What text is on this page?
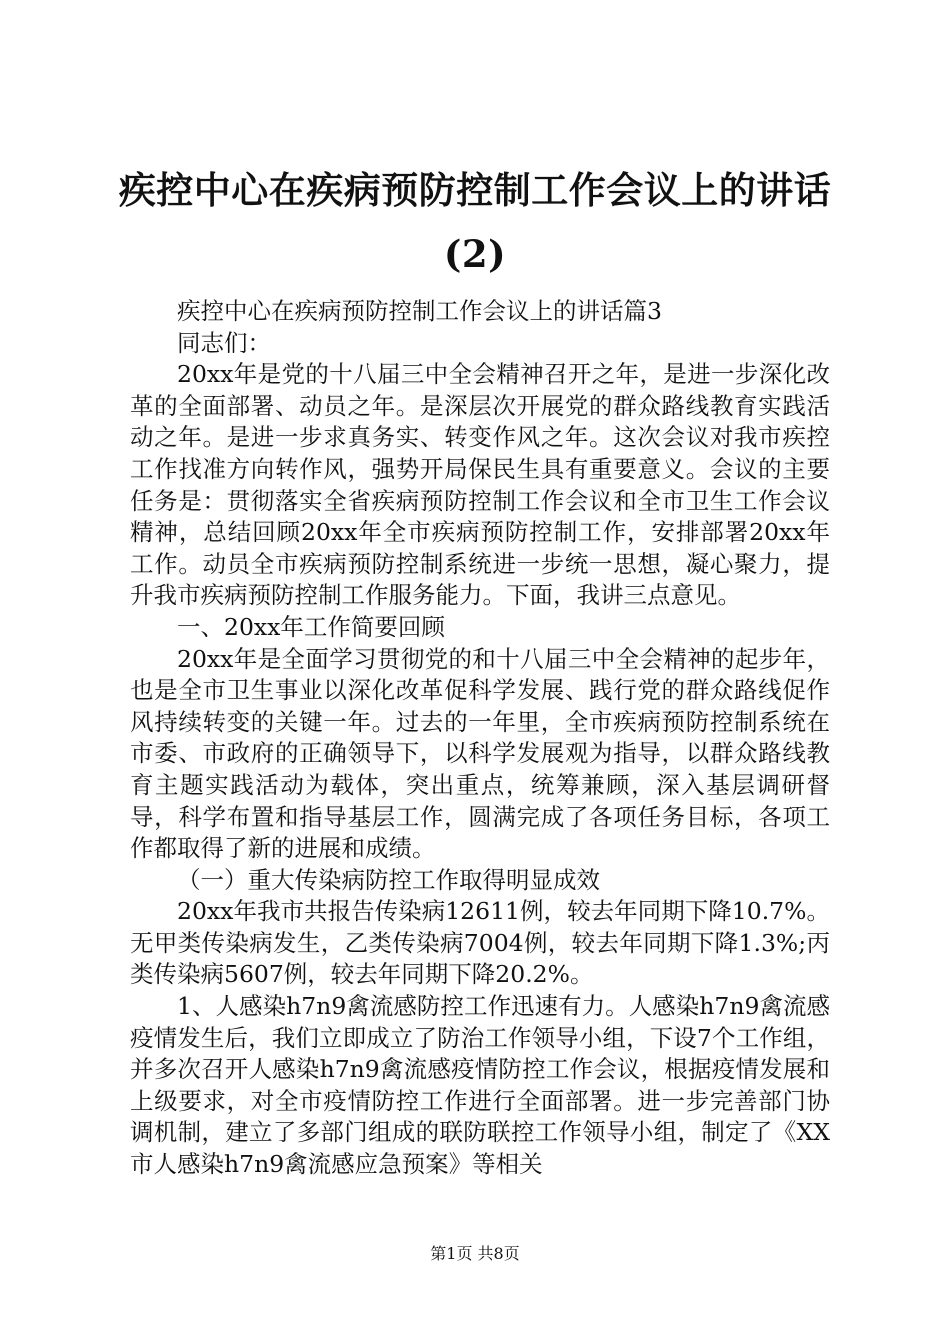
疾控中心在疾病预防控制工作会议上的讲话
(2)

疾控中心在疾病预防控制工作会议上的讲话篇3

同志们：

20xx年是党的十八届三中全会精神召开之年，是进一步深化改革的全面部署、动员之年。是深层次开展党的群众路线教育实践活动之年。是进一步求真务实、转变作风之年。这次会议对我市疾控工作找准方向转作风，强势开局保民生具有重要意义。会议的主要任务是：贯彻落实全省疾病预防控制工作会议和全市卫生工作会议精神，总结回顾20xx年全市疾病预防控制工作，安排部署20xx年工作。动员全市疾病预防控制系统进一步统一思想，凝心聚力，提升我市疾病预防控制工作服务能力。下面，我讲三点意见。

一、20xx年工作简要回顾

20xx年是全面学习贯彻党的和十八届三中全会精神的起步年，也是全市卫生事业以深化改革促科学发展、践行党的群众路线促作风持续转变的关键一年。过去的一年里，全市疾病预防控制系统在市委、市政府的正确领导下，以科学发展观为指导，以群众路线教育主题实践活动为载体，突出重点，统筹兼顾，深入基层调研督导，科学布置和指导基层工作，圆满完成了各项任务目标，各项工作都取得了新的进展和成绩。

（一）重大传染病防控工作取得明显成效

20xx年我市共报告传染病12611例，较去年同期下降10.7%。无甲类传染病发生，乙类传染病7004例，较去年同期下降1.3%;丙类传染病5607例，较去年同期下降20.2%。

1、人感染h7n9禽流感防控工作迅速有力。人感染h7n9禽流感疫情发生后，我们立即成立了防治工作领导小组，下设7个工作组，并多次召开人感染h7n9禽流感疫情防控工作会议，根据疫情发展和上级要求，对全市疫情防控工作进行全面部署。进一步完善部门协调机制，建立了多部门组成的联防联控工作领导小组，制定了《XX市人感染h7n9禽流感应急预案》等相关

第1页 共8页
